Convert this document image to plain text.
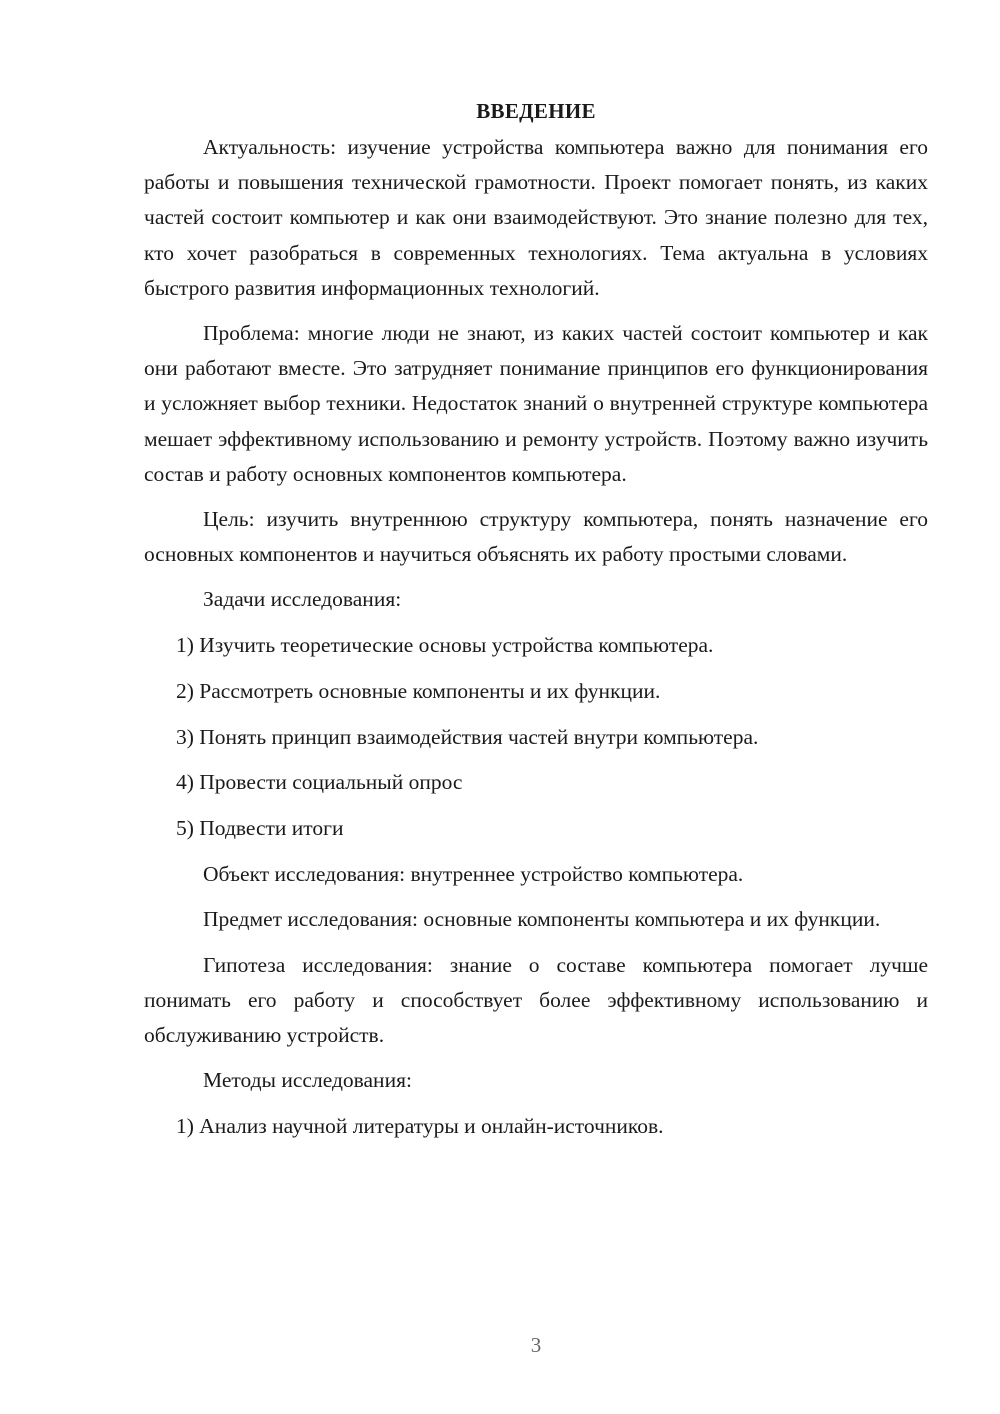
ВВЕДЕНИЕ

Актуальность: изучение устройства компьютера важно для понимания его работы и повышения технической грамотности. Проект помогает понять, из каких частей состоит компьютер и как они взаимодействуют. Это знание полезно для тех, кто хочет разобраться в современных технологиях. Тема актуальна в условиях быстрого развития информационных технологий.

Проблема: многие люди не знают, из каких частей состоит компьютер и как они работают вместе. Это затрудняет понимание принципов его функционирования и усложняет выбор техники. Недостаток знаний о внутренней структуре компьютера мешает эффективному использованию и ремонту устройств. Поэтому важно изучить состав и работу основных компонентов компьютера.

Цель: изучить внутреннюю структуру компьютера, понять назначение его основных компонентов и научиться объяснять их работу простыми словами.

Задачи исследования:

1) Изучить теоретические основы устройства компьютера.
2) Рассмотреть основные компоненты и их функции.
3) Понять принцип взаимодействия частей внутри компьютера.
4) Провести социальный опрос
5) Подвести итоги

Объект исследования: внутреннее устройство компьютера.

Предмет исследования: основные компоненты компьютера и их функции.

Гипотеза исследования: знание о составе компьютера помогает лучше понимать его работу и способствует более эффективному использованию и обслуживанию устройств.

Методы исследования:

1) Анализ научной литературы и онлайн-источников.
3
